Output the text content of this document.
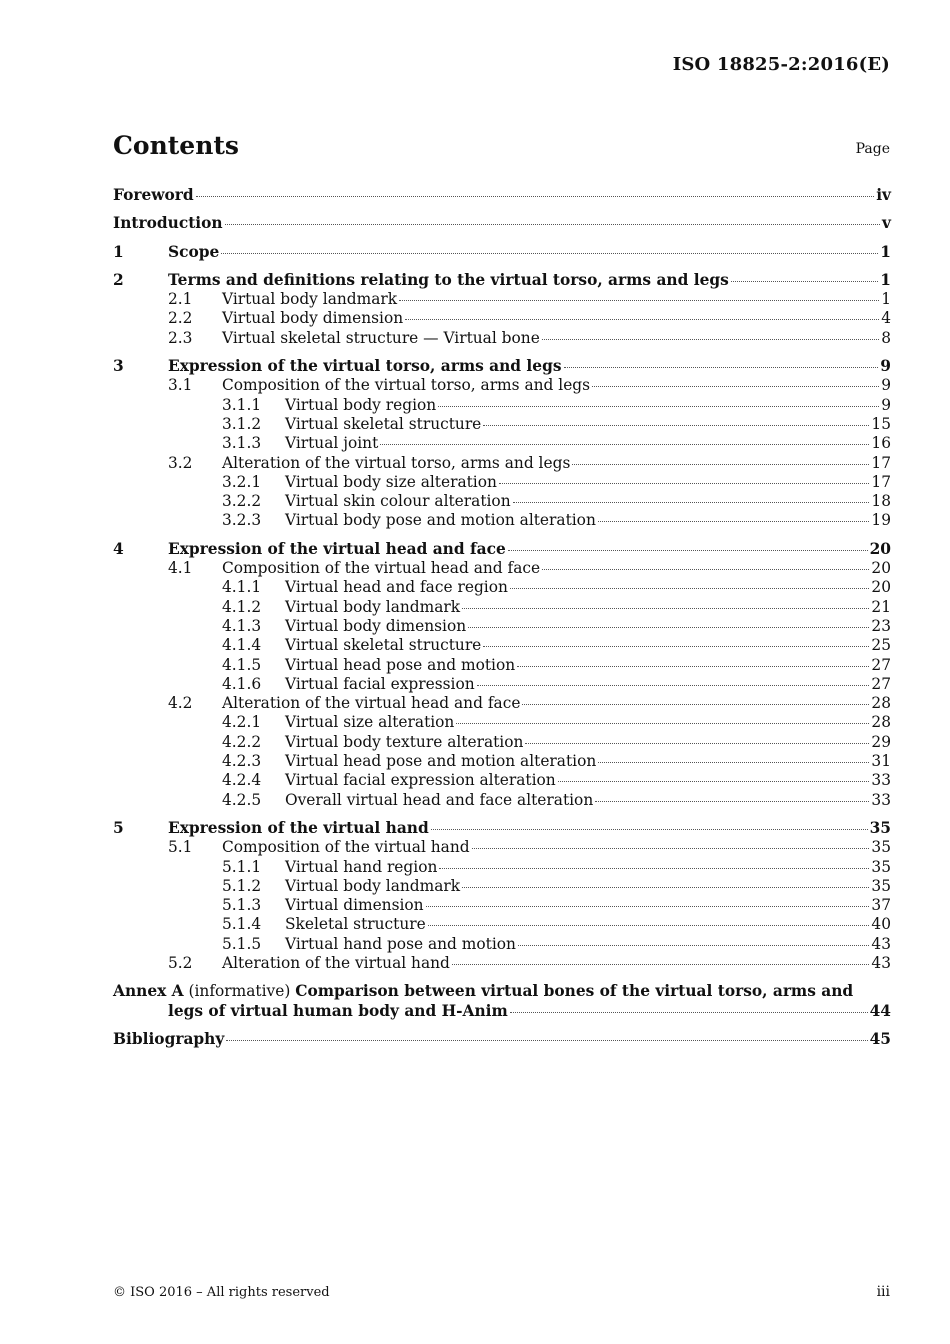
ISO 18825-2:2016(E)
Contents	Page
Foreword	iv
Introduction	v
1	Scope	1
2	Terms and definitions relating to the virtual torso, arms and legs	1
2.1	Virtual body landmark	1
2.2	Virtual body dimension	4
2.3	Virtual skeletal structure — Virtual bone	8
3	Expression of the virtual torso, arms and legs	9
3.1	Composition of the virtual torso, arms and legs	9
3.1.1	Virtual body region	9
3.1.2	Virtual skeletal structure	15
3.1.3	Virtual joint	16
3.2	Alteration of the virtual torso, arms and legs	17
3.2.1	Virtual body size alteration	17
3.2.2	Virtual skin colour alteration	18
3.2.3	Virtual body pose and motion alteration	19
4	Expression of the virtual head and face	20
4.1	Composition of the virtual head and face	20
4.1.1	Virtual head and face region	20
4.1.2	Virtual body landmark	21
4.1.3	Virtual body dimension	23
4.1.4	Virtual skeletal structure	25
4.1.5	Virtual head pose and motion	27
4.1.6	Virtual facial expression	27
4.2	Alteration of the virtual head and face	28
4.2.1	Virtual size alteration	28
4.2.2	Virtual body texture alteration	29
4.2.3	Virtual head pose and motion alteration	31
4.2.4	Virtual facial expression alteration	33
4.2.5	Overall virtual head and face alteration	33
5	Expression of the virtual hand	35
5.1	Composition of the virtual hand	35
5.1.1	Virtual hand region	35
5.1.2	Virtual body landmark	35
5.1.3	Virtual dimension	37
5.1.4	Skeletal structure	40
5.1.5	Virtual hand pose and motion	43
5.2	Alteration of the virtual hand	43
Annex A (informative) Comparison between virtual bones of the virtual torso, arms and
legs of virtual human body and H-Anim	44
Bibliography	45
© ISO 2016 – All rights reserved	iii
